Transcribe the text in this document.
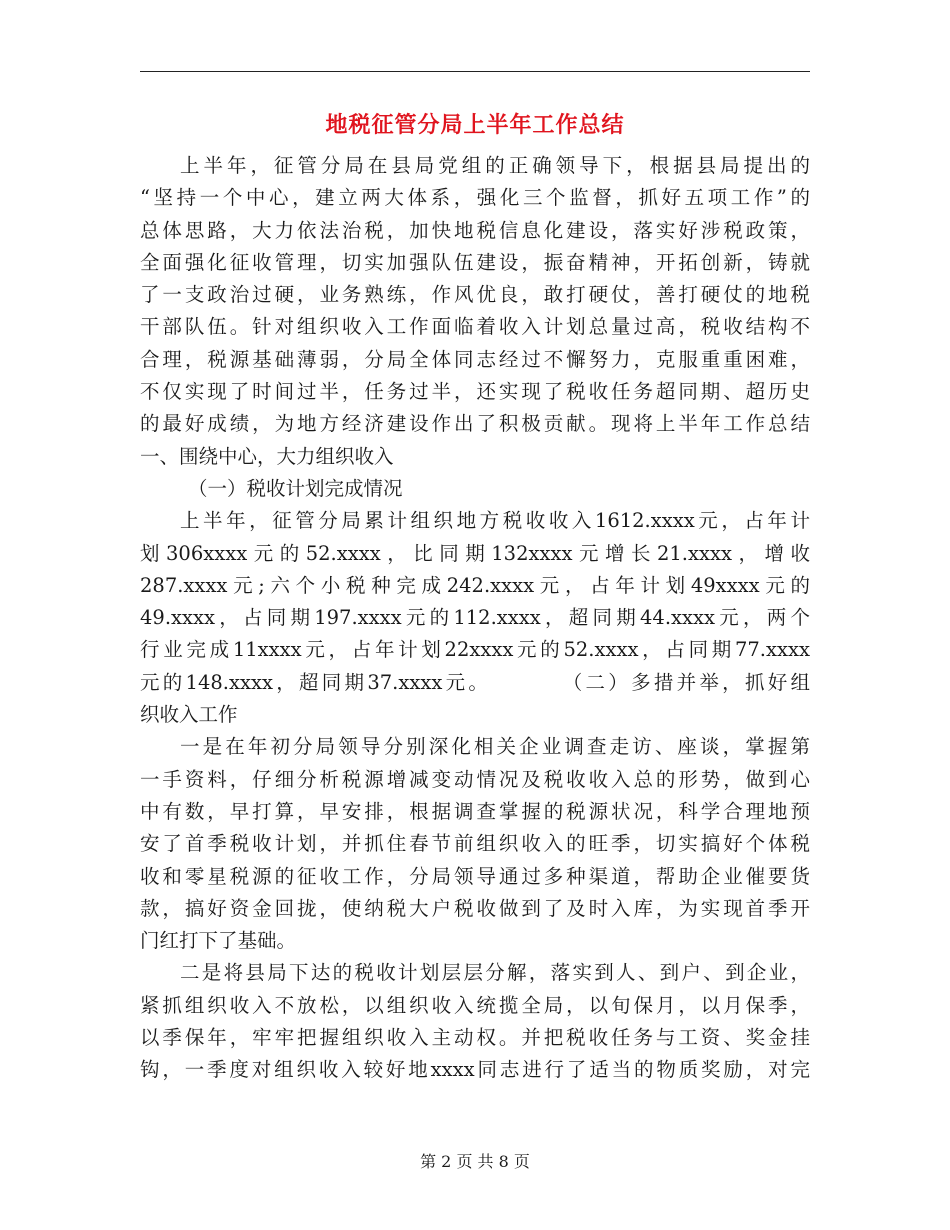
地税征管分局上半年工作总结
上半年，征管分局在县局党组的正确领导下，根据县局提出的
“坚持一个中心，建立两大体系，强化三个监督，抓好五项工作”的
总体思路，大力依法治税，加快地税信息化建设，落实好涉税政策，
全面强化征收管理，切实加强队伍建设，振奋精神，开拓创新，铸就
了一支政治过硬，业务熟练，作风优良，敢打硬仗，善打硬仗的地税
干部队伍。针对组织收入工作面临着收入计划总量过高，税收结构不
合理，税源基础薄弱，分局全体同志经过不懈努力，克服重重困难，
不仅实现了时间过半，任务过半，还实现了税收任务超同期、超历史
的最好成绩，为地方经济建设作出了积极贡献。现将上半年工作总结
一、围绕中心，大力组织收入
（一）税收计划完成情况
上半年，征管分局累计组织地方税收收入1612.xxxx元，占年计
划306xxxx元的52.xxxx，比同期132xxxx元增长21.xxxx，增收
287.xxxx元;六个小税种完成242.xxxx元，占年计划49xxxx元的
49.xxxx，占同期197.xxxx元的112.xxxx，超同期44.xxxx元，两个
行业完成11xxxx元，占年计划22xxxx元的52.xxxx，占同期77.xxxx
元的148.xxxx，超同期37.xxxx元。　　　　（二）多措并举，抓好组
织收入工作
一是在年初分局领导分别深化相关企业调查走访、座谈，掌握第
一手资料，仔细分析税源增减变动情况及税收收入总的形势，做到心
中有数，早打算，早安排，根据调查掌握的税源状况，科学合理地预
安了首季税收计划，并抓住春节前组织收入的旺季，切实搞好个体税
收和零星税源的征收工作，分局领导通过多种渠道，帮助企业催要货
款，搞好资金回拢，使纳税大户税收做到了及时入库，为实现首季开
门红打下了基础。
二是将县局下达的税收计划层层分解，落实到人、到户、到企业，
紧抓组织收入不放松，以组织收入统揽全局，以旬保月，以月保季，
以季保年，牢牢把握组织收入主动权。并把税收任务与工资、奖金挂
钩，一季度对组织收入较好地xxxx同志进行了适当的物质奖励，对完
第 2 页 共 8 页
